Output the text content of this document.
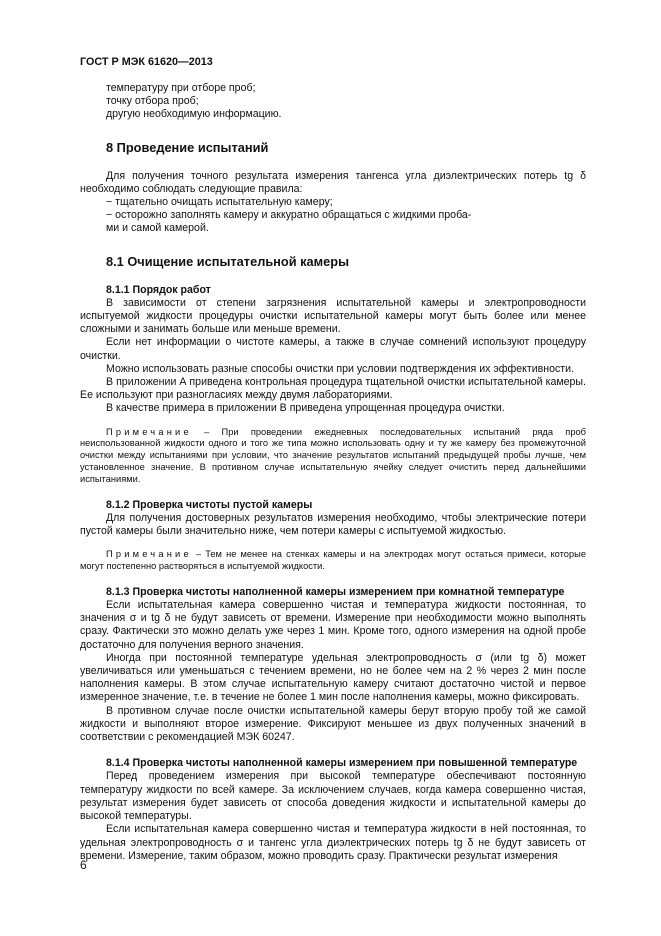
ГОСТ Р МЭК 61620—2013

температуру при отборе проб;

точку отбора проб;

другую необходимую информацию.

8 Проведение испытаний

Для получения точного результата измерения тангенса угла диэлектрических потерь tg δ необходимо соблюдать следующие правила:

− тщательно очищать испытательную камеру;

− осторожно заполнять камеру и аккуратно обращаться с жидкими проба-

ми и самой камерой.

8.1 Очищение испытательной камеры
8.1.1 Порядок работ

В зависимости от степени загрязнения испытательной камеры и электропроводности испытуемой жидкости процедуры очистки испытательной камеры могут быть более или менее сложными и занимать больше или меньше времени.

Если нет информации о чистоте камеры, а также в случае сомнений используют процедуру очистки.

Можно использовать разные способы очистки при условии подтверждения их эффективности.

В приложении А приведена контрольная процедура тщательной очистки испытательной камеры. Ее используют при разногласиях между двумя лабораториями.

В качестве примера в приложении В приведена упрощенная процедура очистки.

Примечание – При проведении ежедневных последовательных испытаний ряда проб неиспользованной жидкости одного и того же типа можно использовать одну и ту же камеру без промежуточной очистки между испытаниями при условии, что значение результатов испытаний предыдущей пробы лучше, чем установленное значение. В противном случае испытательную ячейку следует очистить перед дальнейшими испытаниями.

8.1.2 Проверка чистоты пустой камеры

Для получения достоверных результатов измерения необходимо, чтобы электрические потери пустой камеры были значительно ниже, чем потери камеры с испытуемой жидкостью.

Примечание – Тем не менее на стенках камеры и на электродах могут остаться примеси, которые могут постепенно растворяться в испытуемой жидкости.

8.1.3 Проверка чистоты наполненной камеры измерением при комнатной температуре

Если испытательная камера совершенно чистая и температура жидкости постоянная, то значения σ и tg δ не будут зависеть от времени. Измерение при необходимости можно выполнять сразу. Фактически это можно делать уже через 1 мин. Кроме того, одного измерения на одной пробе достаточно для получения верного значения.

Иногда при постоянной температуре удельная электропроводность σ (или tg δ) может увеличиваться или уменьшаться с течением времени, но не более чем на 2 % через 2 мин после наполнения камеры. В этом случае испытательную камеру считают достаточно чистой и первое измеренное значение, т.е. в течение не более 1 мин после наполнения камеры, можно фиксировать.

В противном случае после очистки испытательной камеры берут вторую пробу той же самой жидкости и выполняют второе измерение. Фиксируют меньшее из двух полученных значений в соответствии с рекомендацией МЭК 60247.

8.1.4 Проверка чистоты наполненной камеры измерением при повышенной температуре

Перед проведением измерения при высокой температуре обеспечивают постоянную температуру жидкости по всей камере. За исключением случаев, когда камера совершенно чистая, результат измерения будет зависеть от способа доведения жидкости и испытательной камеры до высокой температуры.

Если испытательная камера совершенно чистая и температура жидкости в ней постоянная, то удельная электропроводность σ и тангенс угла диэлектрических потерь tg δ не будут зависеть от времени. Измерение, таким образом, можно проводить сразу. Практически результат измерения

6
